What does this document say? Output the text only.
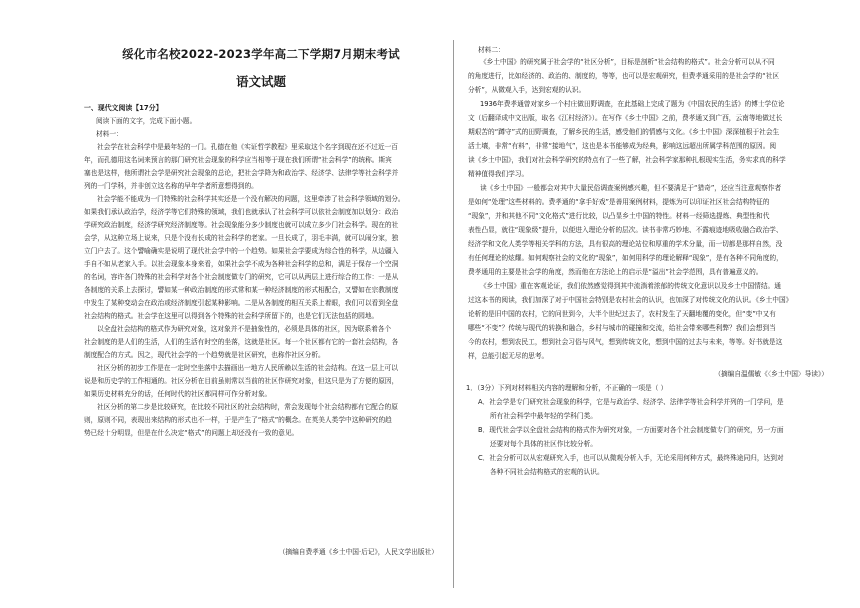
绥化市名校2022-2023学年高二下学期7月期末考试
语文试题
一、现代文阅读【17分】
阅读下面的文字，完成下面小题。
材料一：
社会学在社会科学中是最年轻的一门。孔德在他《实证哲学教程》里采取这个名字到现在还不过近一百
年，而孔德用这名词来预言的那门研究社会现象的科学应当相等于现在我们所谓“社会科学”的统称。斯宾
塞也是这样，他所谓社会学是研究社会现象的总论，把社会学降为和政治学、经济学、法律学等社会科学并
列的一门学科，并非创立这名称的早年学者所意想得到的。
社会学能不能成为一门特殊的社会科学其实还是一个没有解决的问题，这里牵涉了社会科学领域的划分。
如果我们承认政治学，经济学等它们特殊的领域，我们也就承认了社会科学可以依社会制度加以划分：政治
学研究政治制度，经济学研究经济制度等。社会现象能分多少制度也就可以成立多少门社会科学。现在的社
会学，从这种立场上说来，只是个没有长成的社会科学的老家。一旦长成了，羽毛丰满，就可以闹分家，独
立门户去了。这个譬喻确实是说明了现代社会学中的一个趋势。如果社会学要成为综合性的科学，从边疆入
手自不如从老家入手。以社会现象本身来看，如果社会学不成为各种社会科学的总和，满足于保存一个空洞
的名词，容许各门特殊的社会科学对各个社会制度做专门的研究，它可以从两层上进行综合的工作：一是从
各制度的关系上去探讨，譬如某一种政治制度的形式常和某一种经济制度的形式相配合，又譬如在宗教制度
中发生了某种变动会在政治或经济制度引起某种影响。二是从各制度的相互关系上着眼，我们可以看到全盘
社会结构的格式。社会学在这里可以得到各个特殊的社会科学所留下的，也是它们无法包括的园地。
以全盘社会结构的格式作为研究对象，这对象并不是抽象性的，必须是具体的社区，因为联系着各个
社会制度的是人们的生活，人们的生活有时空的坐落，这就是社区。每一个社区都有它的一套社会结构，各
制度配合的方式。因之，现代社会学的一个趋势就是社区研究，也称作社区分析。
社区分析的初步工作是在一定时空坐落中去描画出一地方人民所赖以生活的社会结构。在这一层上可以
说是和历史学的工作相通的。社区分析在目前虽则常以当前的社区作研究对象，但这只是为了方便的原因，
如果历史材料充分的话，任何时代的社区都同样可作分析对象。
社区分析的第二步是比较研究，在比较不同社区的社会结构时，常会发现每个社会结构都有它配合的原
则，原则不同，表现出来结构的形式也不一样，于是产生了“格式”的概念。在英美人类学中这种研究的趋
势已经十分明显，但是在什么决定“格式”的问题上却还没有一致的意见。
（摘编自费孝通《乡土中国·后记》，人民文学出版社）
材料二：
《乡土中国》的研究属于社会学的“社区分析”，目标是剖析“社会结构的格式”。社会分析可以从不同
的角度进行，比如经济的、政治的、制度的，等等，也可以是宏观研究，但费孝通采用的是社会学的“社区
分析”，从微观入手，达到宏观的认识。
1936年费孝通曾对家乡一个村庄做田野调查，在此基础上完成了题为《中国农民的生活》的博士学位论
文（后翻译成中文出版，取名《江村经济》）。在写作《乡土中国》之前，费孝通又到广西，云南等地做过长
期艰苦的“蹲守”式的田野调查，了解乡民的生活，感受他们的情感与文化。《乡土中国》深深植根于社会生
活土壤，非常“有料”，非常“接地气”，这也是本书能够成为经典，影响这远超出所属学科范围的原因。阅
读《乡土中国》，我们对社会科学研究的特点有了一些了解，社会科学家那种扎根现实生活，务实求真的科学
精神值得我们学习。
读《乡土中国》一般都会对其中大量民俗调查案例感兴趣，但不要满足于“猎奇”，还应当注意观察作者
是如何“处理”这些材料的。费孝通的“拿手好戏”是善用案例材料，提炼为可以印证社区社会结构特征的
“现象”，并和其他不同“文化格式”进行比较，以凸显乡土中国的特性。材料一经筛选提炼、典型性和代
表性凸显，就往“现象级”提升，以便进入理论分析的层次。读书非常巧妙地、不露痕迹地吸收融合政治学、
经济学和文化人类学等相关学科的方法，具有很高的理论站位和厚重的学术分量，而一切都是那样自然，没
有任何理论的炫耀。如何观察社会的文化的“现象”，如何用科学的理论解释“现象”，是有各种不同角度的，
费孝通用的主要是社会学的角度，然而他在方法论上的启示是“溢出”社会学范围，具有普遍意义的。
《乡土中国》重在客观论证，我们依然感觉得到其中流淌着浓郁的传统文化意识以及乡土中国情结。通
过这本书的阅读，我们加深了对于中国社会特别是农村社会的认识，也加深了对传统文化的认识。《乡土中国》
论析的是旧中国的农村，它的问世到今，大半个世纪过去了，农村发生了天翻地覆的变化，但“变”中又有
哪些“不变”？传统与现代的转换和融合，乡村与城市的碰撞和交流，给社会带来哪些利弊？我们会想到当
今的农村，想到农民工，想到社会习俗与风气，想到传统文化，想到中国的过去与未来，等等。好书就是这
样，总能引起无尽的思考。
（摘编自温儒敏《〈乡土中国〉导读》）
1．（3分）下列对材料相关内容的理解和分析，不正确的一项是（ ）
A．社会学是专门研究社会现象的科学，它是与政治学、经济学、法律学等社会科学并列的一门学问，是
所有社会科学中最年轻的学科门类。
B．现代社会学以全盘社会结构的格式作为研究对象，一方面要对各个社会制度做专门的研究，另一方面
还要对每个具体的社区作比较分析。
C．社会分析可以从宏观研究入手，也可以从微观分析入手，无论采用何种方式，最终殊途同归，达到对
各种不同社会结构格式的宏观的认识。
